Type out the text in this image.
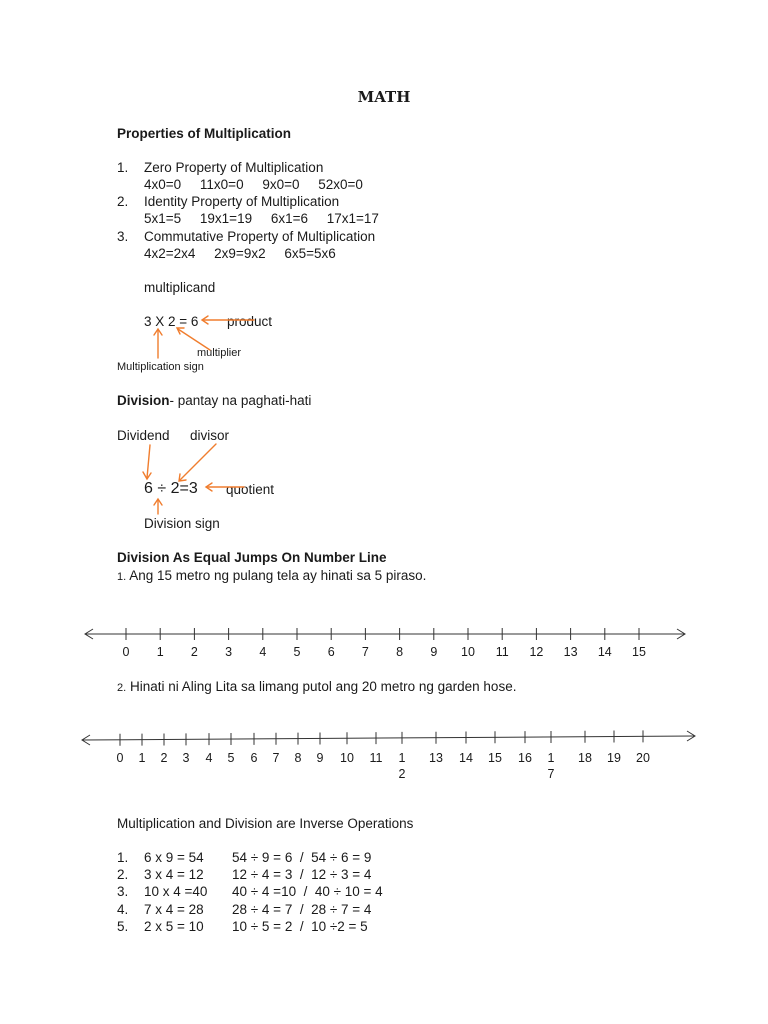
MATH
Properties of Multiplication
1. Zero Property of Multiplication
4x0=0     11x0=0     9x0=0     52x0=0
2. Identity Property of Multiplication
5x1=5     19x1=19     6x1=6     17x1=17
3. Commutative Property of Multiplication
4x2=2x4     2x9=9x2     6x5=5x6
multiplicand
3 X 2 = 6 product
multiplier
Multiplication sign
Division- pantay na paghati-hati
Dividend divisor
6 ÷ 2=3 quotient
Division sign
Division As Equal Jumps On Number Line
1. Ang 15 metro ng pulang tela ay hinati sa 5 piraso.
2. Hinati ni Aling Lita sa limang putol ang 20 metro ng garden hose.
0	1	2	3	4	5	6	7	8	9	10	11	12	13	14	15
0	1	2	3	4	5	6	7	8	9	10	11	1
2
13	14	15	16	1
7
18	19	20
Multiplication and Division are Inverse Operations
1. 6 x 9 = 54 54 ÷ 9 = 6  /  54 ÷ 6 = 9
2. 3 x 4 = 12 12 ÷ 4 = 3  /  12 ÷ 3 = 4
3. 10 x 4 =40 40 ÷ 4 =10  /  40 ÷ 10 = 4
4. 7 x 4 = 28 28 ÷ 4 = 7  /  28 ÷ 7 = 4
5. 2 x 5 = 10 10 ÷ 5 = 2  /  10 ÷2 = 5
